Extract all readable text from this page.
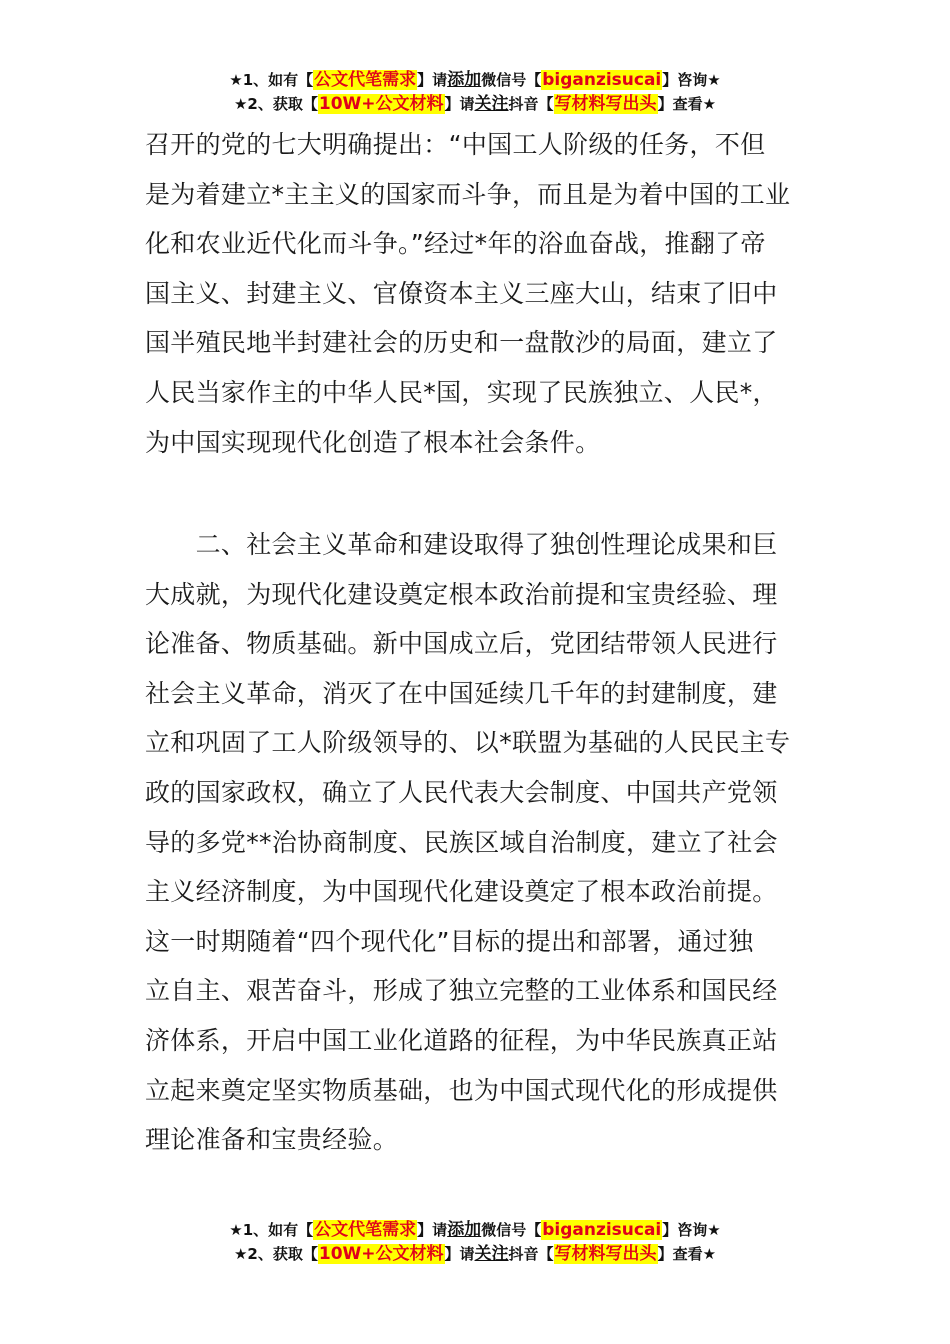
★1、如有【公文代笔需求】请添加微信号【biganzisucai】咨询★
★2、获取【10W+公文材料】请关注抖音【写材料写出头】查看★
召开的党的七大明确提出：“中国工人阶级的任务，不但
是为着建立*主主义的国家而斗争，而且是为着中国的工业
化和农业近代化而斗争。”经过*年的浴血奋战，推翻了帝
国主义、封建主义、官僚资本主义三座大山，结束了旧中
国半殖民地半封建社会的历史和一盘散沙的局面，建立了
人民当家作主的中华人民*国，实现了民族独立、人民*，
为中国实现现代化创造了根本社会条件。
　　二、社会主义革命和建设取得了独创性理论成果和巨
大成就，为现代化建设奠定根本政治前提和宝贵经验、理
论准备、物质基础。新中国成立后，党团结带领人民进行
社会主义革命，消灭了在中国延续几千年的封建制度，建
立和巩固了工人阶级领导的、以*联盟为基础的人民民主专
政的国家政权，确立了人民代表大会制度、中国共产党领
导的多党**治协商制度、民族区域自治制度，建立了社会
主义经济制度，为中国现代化建设奠定了根本政治前提。
这一时期随着“四个现代化”目标的提出和部署，通过独
立自主、艰苦奋斗，形成了独立完整的工业体系和国民经
济体系，开启中国工业化道路的征程，为中华民族真正站
立起来奠定坚实物质基础，也为中国式现代化的形成提供
理论准备和宝贵经验。
★1、如有【公文代笔需求】请添加微信号【biganzisucai】咨询★
★2、获取【10W+公文材料】请关注抖音【写材料写出头】查看★
